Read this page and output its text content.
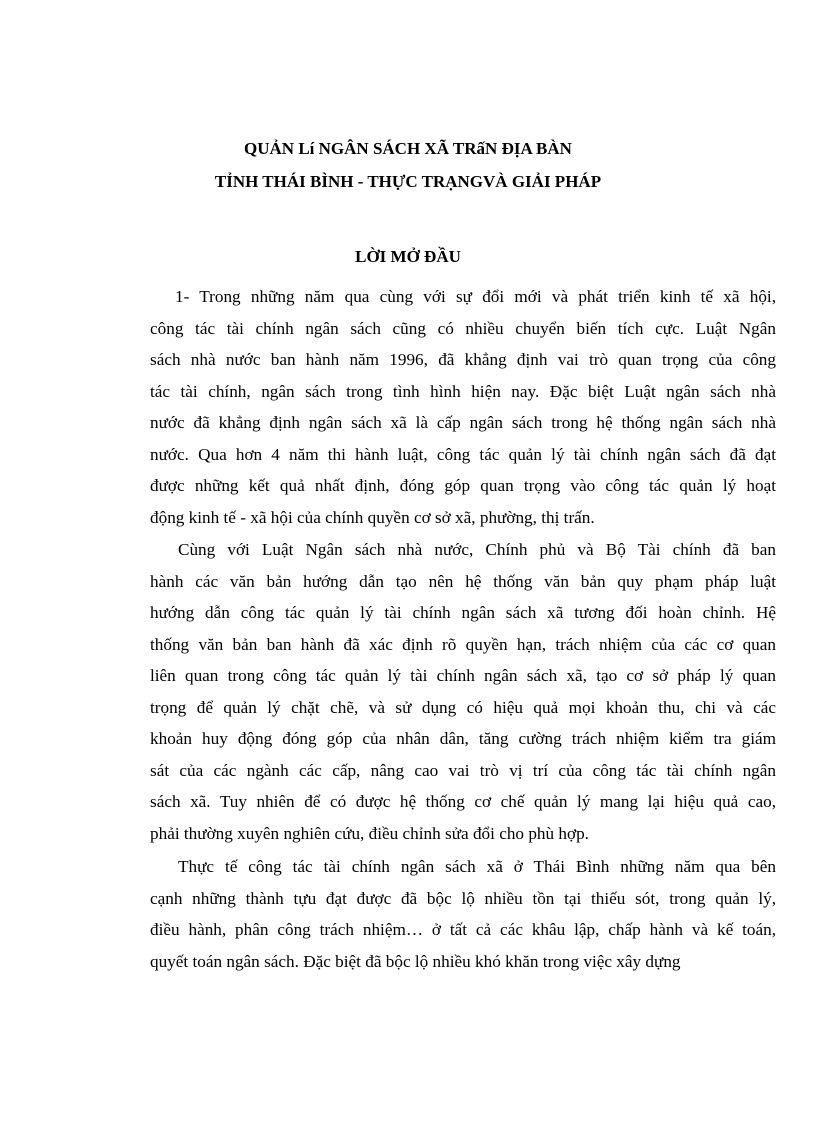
QUẢN Lí NGÂN SÁCH XÃ TRấN ĐỊA BÀN
TỈNH THÁI BÌNH - THỰC TRẠNGVÀ GIẢI PHÁP
LỜI MỞ ĐẦU
1- Trong những năm qua cùng với sự đổi mới và phát triển kinh tế xã hội,
công tác tài chính ngân sách cũng có nhiều chuyển biến tích cực. Luật Ngân
sách nhà nước ban hành năm 1996, đã khẳng định vai trò quan trọng của công
tác tài chính, ngân sách trong tình hình hiện nay. Đặc biệt Luật ngân sách nhà
nước đã khẳng định ngân sách xã là cấp ngân sách trong hệ thống ngân sách nhà
nước. Qua hơn 4 năm thi hành luật, công tác quản lý tài chính ngân sách đã đạt
được những kết quả nhất định, đóng góp quan trọng vào công tác quản lý hoạt
động kinh tế - xã hội của chính quyền cơ sở xã, phường, thị trấn.
Cùng với Luật Ngân sách nhà nước, Chính phủ và Bộ Tài chính đã ban
hành các văn bản hướng dẫn tạo nên hệ thống văn bản quy phạm pháp luật
hướng dẫn công tác quản lý tài chính ngân sách xã tương đối hoàn chỉnh. Hệ
thống văn bản ban hành đã xác định rõ quyền hạn, trách nhiệm của các cơ quan
liên quan trong công tác quản lý tài chính ngân sách xã, tạo cơ sở pháp lý quan
trọng để quản lý chặt chẽ, và sử dụng có hiệu quả mọi khoản thu, chi và các
khoản huy động đóng góp của nhân dân, tăng cường trách nhiệm kiểm tra giám
sát của các ngành các cấp, nâng cao vai trò vị trí của công tác tài chính ngân
sách xã. Tuy nhiên để có được hệ thống cơ chế quản lý mang lại hiệu quả cao,
phải thường xuyên nghiên cứu, điều chỉnh sửa đổi cho phù hợp.
Thực tế công tác tài chính ngân sách xã ở Thái Bình những năm qua bên
cạnh những thành tựu đạt được đã bộc lộ nhiều tồn tại thiếu sót, trong quản lý,
điều hành, phân công trách nhiệm… ở tất cả các khâu lập, chấp hành và kế toán,
quyết toán ngân sách. Đặc biệt đã bộc lộ nhiều khó khăn trong việc xây dựng
